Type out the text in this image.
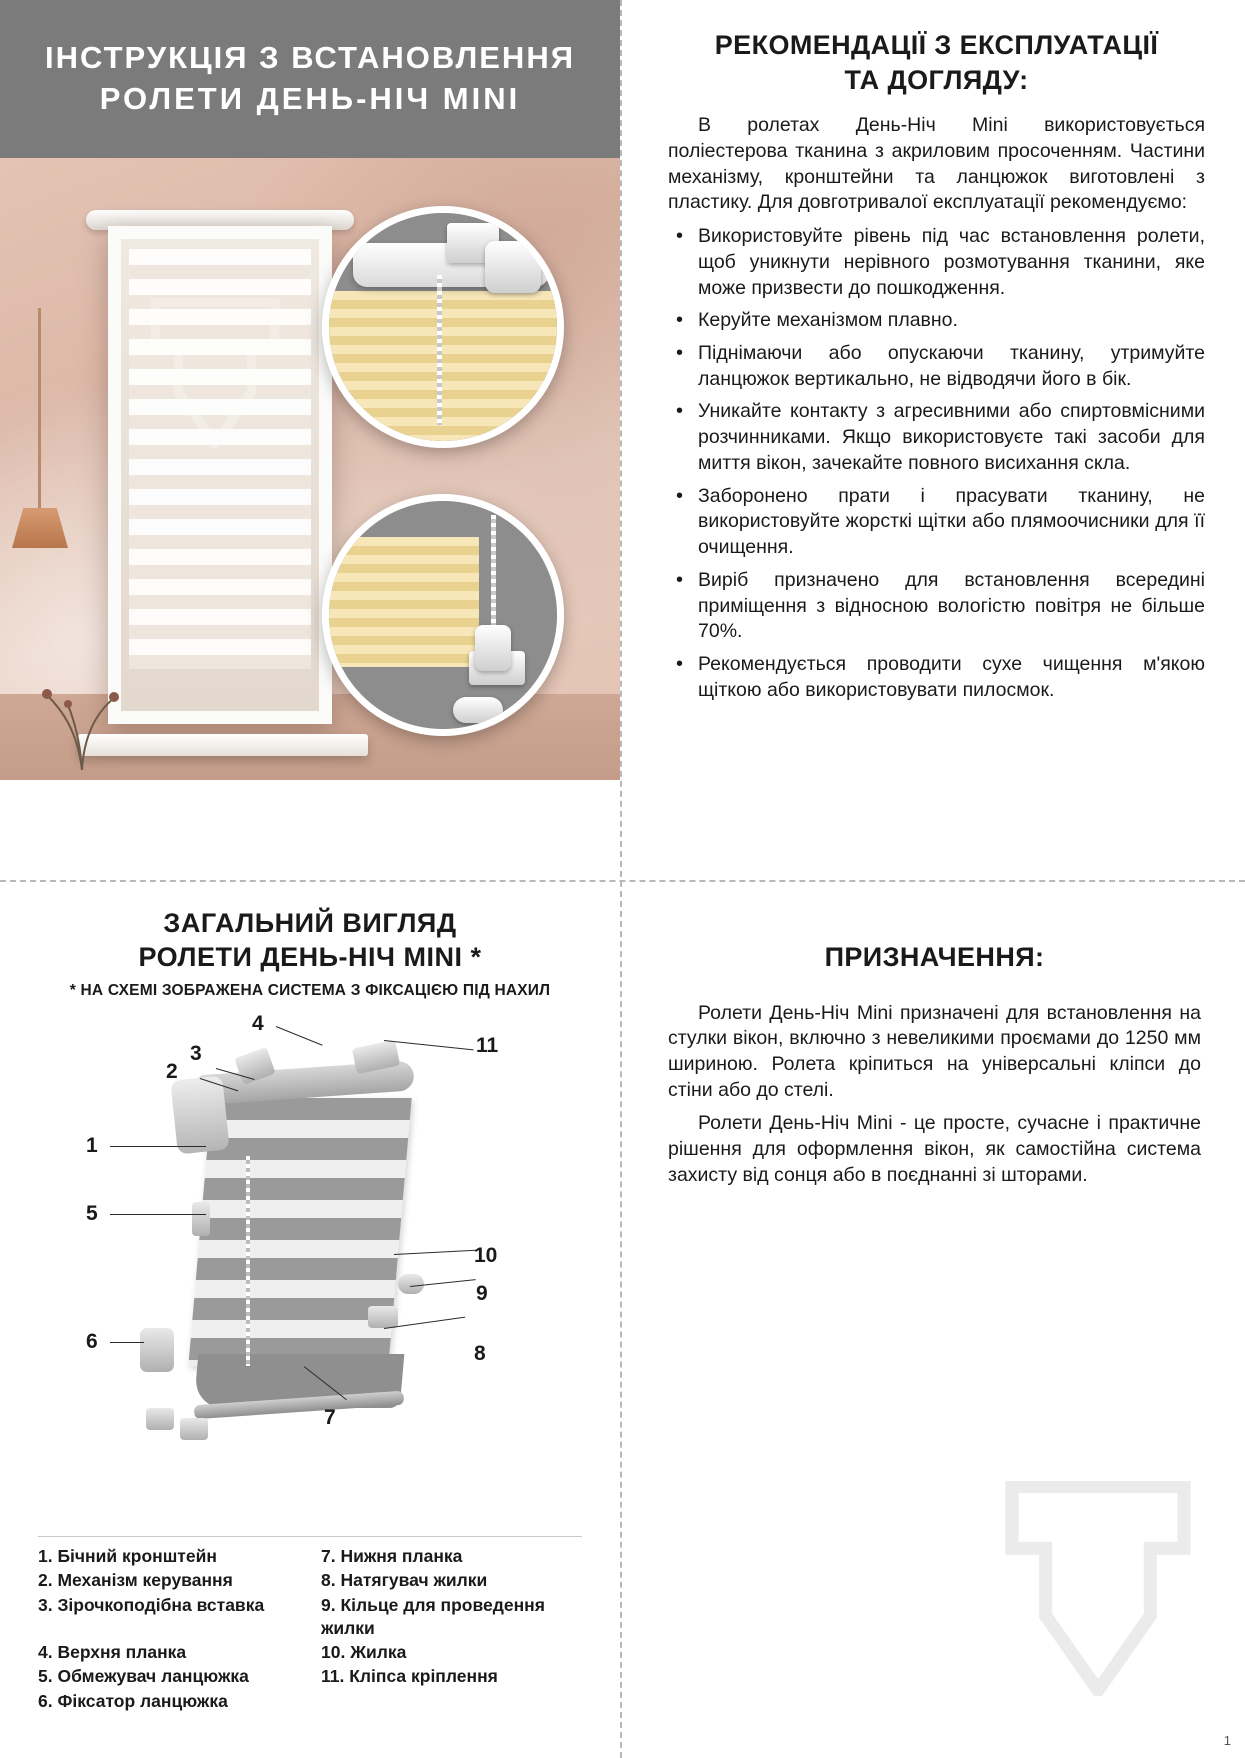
ІНСТРУКЦІЯ З ВСТАНОВЛЕННЯ
РОЛЕТИ ДЕНЬ-НІЧ MINI
РЕКОМЕНДАЦІЇ З ЕКСПЛУАТАЦІЇ
ТА ДОГЛЯДУ:

В ролетах День-Ніч Mini використовується поліестерова тканина з акриловим просоченням. Частини механізму, кронштейни та ланцюжок виготовлені з пластику. Для довготривалої експлуатації рекомендуємо:

• Використовуйте рівень під час встановлення ролети, щоб уникнути нерівного розмотування тканини, яке може призвести до пошкодження.
• Керуйте механізмом плавно.
• Піднімаючи або опускаючи тканину, утримуйте ланцюжок вертикально, не відводячи його в бік.
• Уникайте контакту з агресивними або спиртовмісними розчинниками. Якщо використовуєте такі засоби для миття вікон, зачекайте повного висихання скла.
• Заборонено прати і прасувати тканину, не використовуйте жорсткі щітки або плямоочисники для її очищення.
• Виріб призначено для встановлення всередині приміщення з відносною вологістю повітря не більше 70%.
• Рекомендується проводити сухе чищення м'якою щіткою або використовувати пилосмок.
ЗАГАЛЬНИЙ ВИГЛЯД
РОЛЕТИ ДЕНЬ-НІЧ MINI *

* НА СХЕМІ ЗОБРАЖЕНА СИСТЕМА З ФІКСАЦІЄЮ ПІД НАХИЛ

1
2
3
4
5
6
7
8
9
10
11
1. Бічний кронштейн	7. Нижня планка
2. Механізм керування	8. Натягувач жилки
3. Зірочкоподібна вставка	9. Кільце для проведення жилки
4. Верхня планка	10. Жилка
5. Обмежувач ланцюжка	11. Кліпса кріплення
6. Фіксатор ланцюжка
ПРИЗНАЧЕННЯ:

Ролети День-Ніч Mini призначені для встановлення на стулки вікон, включно з невеликими проємами до 1250 мм шириною. Ролета кріпиться на універсальні кліпси до стіни або до стелі.

Ролети День-Ніч Mini - це просте, сучасне і практичне рішення для оформлення вікон, як самостійна система захисту від сонця або в поєднанні зі шторами.

1
